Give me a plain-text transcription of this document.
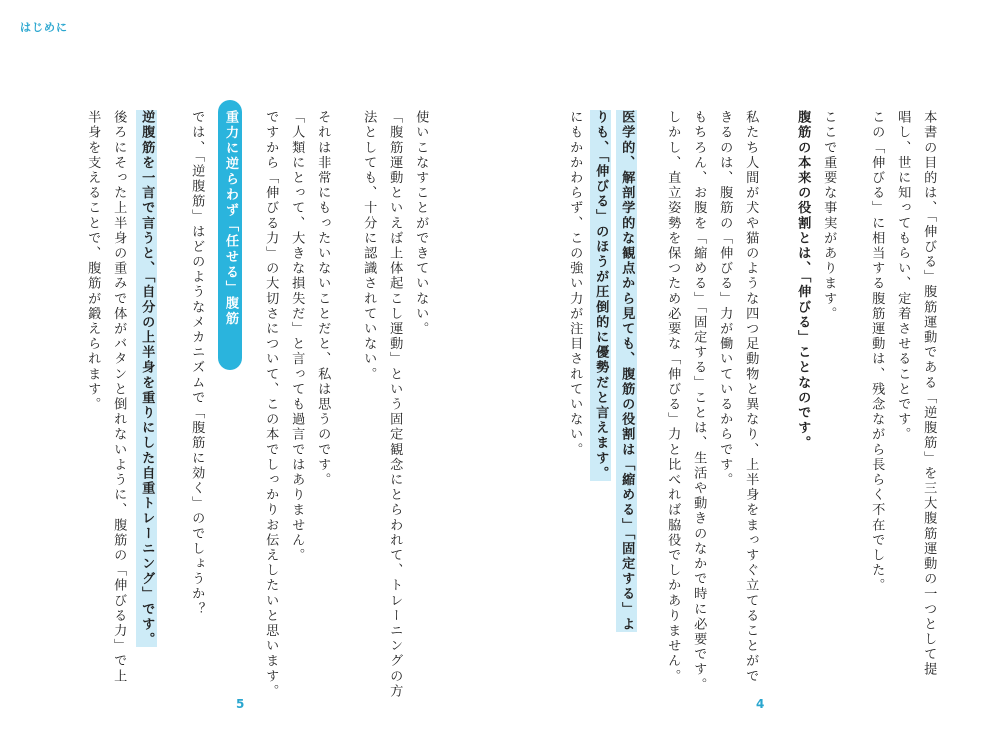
はじめに
本書の目的は、「伸びる」腹筋運動である「逆腹筋」を三大腹筋運動の一つとして提
唱し、世に知ってもらい、定着させることです。
この「伸びる」に相当する腹筋運動は、残念ながら長らく不在でした。
ここで重要な事実があります。
腹筋の本来の役割とは、「伸びる」ことなのです。
私たち人間が犬や猫のような四つ足動物と異なり、上半身をまっすぐ立てることがで
きるのは、腹筋の「伸びる」力が働いているからです。
もちろん、お腹を「縮める」「固定する」ことは、生活や動きのなかで時に必要です。
しかし、直立姿勢を保つため必要な「伸びる」力と比べれば脇役でしかありません。
医学的、解剖学的な観点から見ても、腹筋の役割は「縮める」「固定する」よ
りも、「伸びる」のほうが圧倒的に優勢だと言えます。
にもかかわらず、この強い力が注目されていない。
使いこなすことができていない。
「腹筋運動といえば上体起こし運動」という固定観念にとらわれて、トレーニングの方
法としても、十分に認識されていない。
それは非常にもったいないことだと、私は思うのです。
「人類にとって、大きな損失だ」と言っても過言ではありません。
ですから「伸びる力」の大切さについて、この本でしっかりお伝えしたいと思います。
重力に逆らわず「任せる」腹筋
では、「逆腹筋」はどのようなメカニズムで「腹筋に効く」のでしょうか？
逆腹筋を一言で言うと、「自分の上半身を重りにした自重トレーニング」です。
後ろにそった上半身の重みで体がバタンと倒れないように、腹筋の「伸びる力」で上
半身を支えることで、腹筋が鍛えられます。
5	4
